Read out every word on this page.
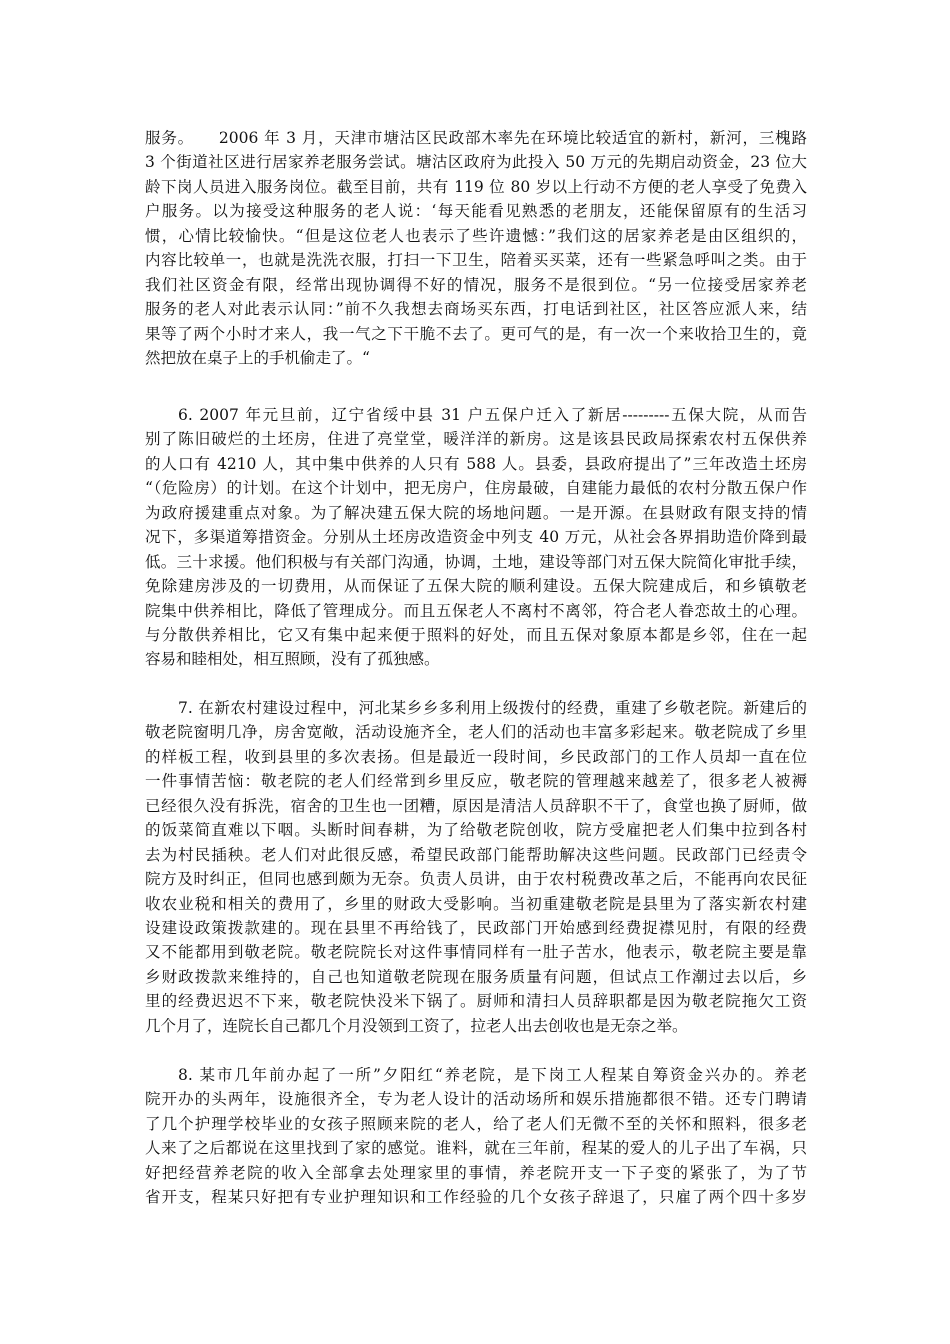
服务。　　2006 年 3 月，天津市塘沽区民政部木率先在环境比较适宜的新村，新河，三槐路
3 个街道社区进行居家养老服务尝试。塘沽区政府为此投入 50 万元的先期启动资金，23 位大
龄下岗人员进入服务岗位。截至目前，共有 119 位 80 岁以上行动不方便的老人享受了免费入
户服务。以为接受这种服务的老人说：‘每天能看见熟悉的老朋友，还能保留原有的生活习
惯，心情比较愉快。“但是这位老人也表示了些许遗憾：”我们这的居家养老是由区组织的，
内容比较单一，也就是洗洗衣服，打扫一下卫生，陪着买买菜，还有一些紧急呼叫之类。由于
我们社区资金有限，经常出现协调得不好的情况，服务不是很到位。“另一位接受居家养老
服务的老人对此表示认同：”前不久我想去商场买东西，打电话到社区，社区答应派人来，结
果等了两个小时才来人，我一气之下干脆不去了。更可气的是，有一次一个来收拾卫生的，竟
然把放在桌子上的手机偷走了。“
6. 2007 年元旦前，辽宁省绥中县 31 户五保户迁入了新居---------五保大院，从而告
别了陈旧破烂的土坯房，住进了亮堂堂，暖洋洋的新房。这是该县民政局探索农村五保供养
的人口有 4210 人，其中集中供养的人只有 588 人。县委，县政府提出了”三年改造土坯房
“（危险房）的计划。在这个计划中，把无房户，住房最破，自建能力最低的农村分散五保户作
为政府援建重点对象。为了解决建五保大院的场地问题。一是开源。在县财政有限支持的情
况下，多渠道筹措资金。分别从土坯房改造资金中列支 40 万元，从社会各界捐助造价降到最
低。三十求援。他们积极与有关部门沟通，协调，土地，建设等部门对五保大院简化审批手续，
免除建房涉及的一切费用，从而保证了五保大院的顺利建设。五保大院建成后，和乡镇敬老
院集中供养相比，降低了管理成分。而且五保老人不离村不离邻，符合老人眷恋故土的心理。
与分散供养相比，它又有集中起来便于照料的好处，而且五保对象原本都是乡邻，住在一起
容易和睦相处，相互照顾，没有了孤独感。
7. 在新农村建设过程中，河北某乡乡多利用上级拨付的经费，重建了乡敬老院。新建后的
敬老院窗明几净，房舍宽敞，活动设施齐全，老人们的活动也丰富多彩起来。敬老院成了乡里
的样板工程，收到县里的多次表扬。但是最近一段时间，乡民政部门的工作人员却一直在位
一件事情苦恼：敬老院的老人们经常到乡里反应，敬老院的管理越来越差了，很多老人被褥
已经很久没有拆洗，宿舍的卫生也一团糟，原因是清洁人员辞职不干了，食堂也换了厨师，做
的饭菜简直难以下咽。头断时间春耕，为了给敬老院创收，院方受雇把老人们集中拉到各村
去为村民插秧。老人们对此很反感，希望民政部门能帮助解决这些问题。民政部门已经责令
院方及时纠正，但同也感到颇为无奈。负责人员讲，由于农村税费改革之后，不能再向农民征
收农业税和相关的费用了，乡里的财政大受影响。当初重建敬老院是县里为了落实新农村建
设建设政策拨款建的。现在县里不再给钱了，民政部门开始感到经费捉襟见肘，有限的经费
又不能都用到敬老院。敬老院院长对这件事情同样有一肚子苦水，他表示，敬老院主要是靠
乡财政拨款来维持的，自己也知道敬老院现在服务质量有问题，但试点工作潮过去以后，乡
里的经费迟迟不下来，敬老院快没米下锅了。厨师和清扫人员辞职都是因为敬老院拖欠工资
几个月了，连院长自己都几个月没领到工资了，拉老人出去创收也是无奈之举。
8. 某市几年前办起了一所”夕阳红“养老院，是下岗工人程某自筹资金兴办的。养老
院开办的头两年，设施很齐全，专为老人设计的活动场所和娱乐措施都很不错。还专门聘请
了几个护理学校毕业的女孩子照顾来院的老人，给了老人们无微不至的关怀和照料，很多老
人来了之后都说在这里找到了家的感觉。谁料，就在三年前，程某的爱人的儿子出了车祸，只
好把经营养老院的收入全部拿去处理家里的事情，养老院开支一下子变的紧张了，为了节
省开支，程某只好把有专业护理知识和工作经验的几个女孩子辞退了，只雇了两个四十多岁
